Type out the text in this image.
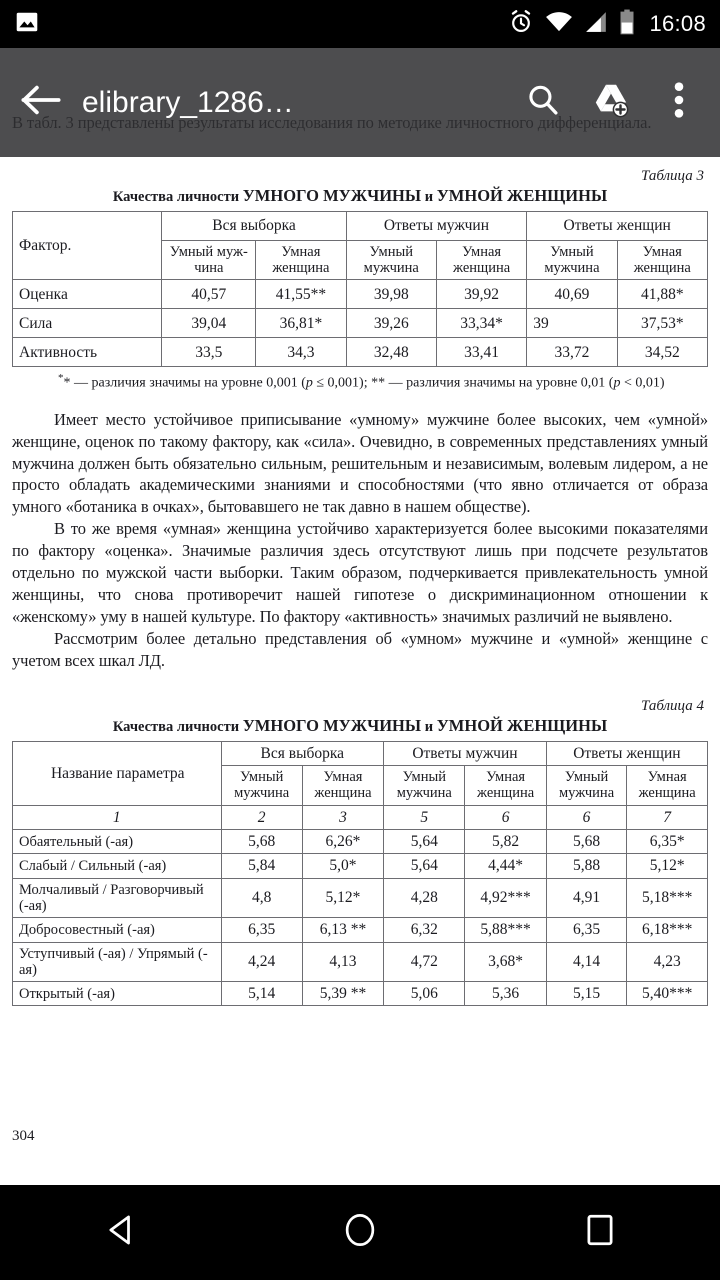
Таблица 3

Качества личности УМНОГО МУЖЧИНЫ и УМНОЙ ЖЕНЩИНЫ

Фактор.	Вся выборка		Ответы мужчин		Ответы женщин	
	Умный муж-чина	Умная женщина	Умный мужчина	Умная женщина	Умный мужчина	Умная женщина
Оценка	40,57	41,55**	39,98	39,92	40,69	41,88*
Сила	39,04	36,81*	39,26	33,34*	39	37,53*
Активность	33,5	34,3	32,48	33,41	33,72	34,52

** — различия значимы на уровне 0,001 (p ≤ 0,001); ** — различия значимы на уровне 0,01 (p < 0,01)

Имеет место устойчивое приписывание «умному» мужчине более высоких, чем «умной» женщине, оценок по такому фактору, как «сила». Очевидно, в современных представлениях умный мужчина должен быть обязательно сильным, решительным и независимым, волевым лидером, а не просто обладать академическими знаниями и способностями (что явно отличается от образа умного «ботаника в очках», бытовавшего не так давно в нашем обществе).

В то же время «умная» женщина устойчиво характеризуется более высокими показателями по фактору «оценка». Значимые различия здесь отсутствуют лишь при подсчете результатов отдельно по мужской части выборки. Таким образом, подчеркивается привлекательность умной женщины, что снова противоречит нашей гипотезе о дискриминационном отношении к «женскому» уму в нашей культуре. По фактору «активность» значимых различий не выявлено.

Рассмотрим более детально представления об «умном» мужчине и «умной» женщине с учетом всех шкал ЛД.

Таблица 4

Качества личности УМНОГО МУЖЧИНЫ и УМНОЙ ЖЕНЩИНЫ

Название параметра	Вся выборка		Ответы мужчин		Ответы женщин	
	Умный мужчина	Умная женщина	Умный мужчина	Умная женщина	Умный мужчина	Умная женщина
1	2	3	5	6	6	7
Обаятельный (-ая)	5,68	6,26*	5,64	5,82	5,68	6,35*
Слабый / Сильный (-ая)	5,84	5,0*	5,64	4,44*	5,88	5,12*
Молчаливый / Разговорчивый (-ая)	4,8	5,12*	4,28	4,92***	4,91	5,18***
Добросовестный (-ая)	6,35	6,13 **	6,32	5,88***	6,35	6,18***
Уступчивый (-ая) / Упрямый (-ая)	4,24	4,13	4,72	3,68*	4,14	4,23
Открытый (-ая)	5,14	5,39 **	5,06	5,36	5,15	5,40***
304
16:08
elibrary_1286…
